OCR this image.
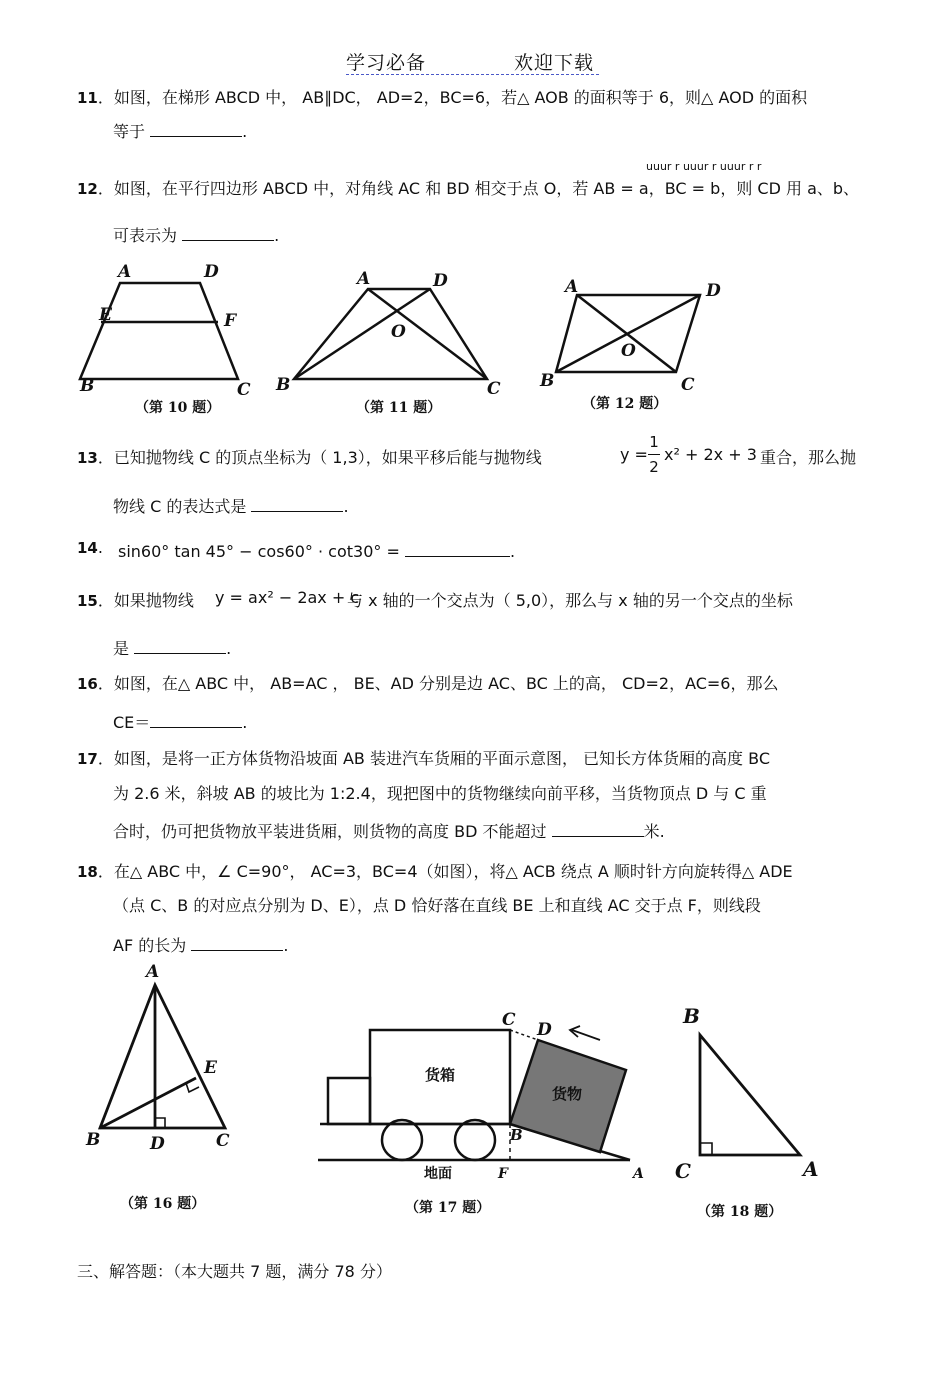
学习必备	欢迎下载
11．如图，在梯形 ABCD 中， AB∥DC， AD=2，BC=6，若△ AOB 的面积等于 6，则△ AOD 的面积
等于	.
uuur r uuur r uuur r r
12．如图，在平行四边形 ABCD 中，对角线 AC 和 BD 相交于点 O，若 AB = a，BC = b，则 CD 用 a、b、
可表示为	.
A	D
E	F
B	C
（第 10 题）
A	D
O
B	C
（第 11 题）
A	D
O
B	C
（第 12 题）
13．已知抛物线 C 的顶点坐标为（ 1,3），如果平移后能与抛物线	y =
1
2
x² + 2x + 3 重合，那么抛
物线 C 的表达式是	.
14. sin60° tan 45° − cos60° · cot30° =	.
15．如果抛物线 y = ax² − 2ax + c
与 x 轴的一个交点为（ 5,0），那么与 x 轴的另一个交点的坐标
是	.
16．如图，在△ ABC 中， AB=AC ， BE、AD 分别是边 AC、BC 上的高， CD=2，AC=6，那么
CE＝	.
17．如图，是将一正方体货物沿坡面 AB 装进汽车货厢的平面示意图， 已知长方体货厢的高度 BC
为 2.6 米，斜坡 AB 的坡比为 1:2.4，现把图中的货物继续向前平移，当货物顶点 D 与 C 重
合时，仍可把货物放平装进货厢，则货物的高度 BD 不能超过	米.
18．在△ ABC 中，∠ C=90°， AC=3，BC=4（如图），将△ ACB 绕点 A 顺时针方向旋转得△ ADE
（点 C、B 的对应点分别为 D、E），点 D 恰好落在直线 BE 上和直线 AC 交于点 F，则线段
AF 的长为	.
A
E
B	D	C
（第 16 题）
C D
B
F	A
货箱
货物
地面
（第 17 题）
B
C	A
（第 18 题）
三、解答题：（本大题共 7 题，满分 78 分）
